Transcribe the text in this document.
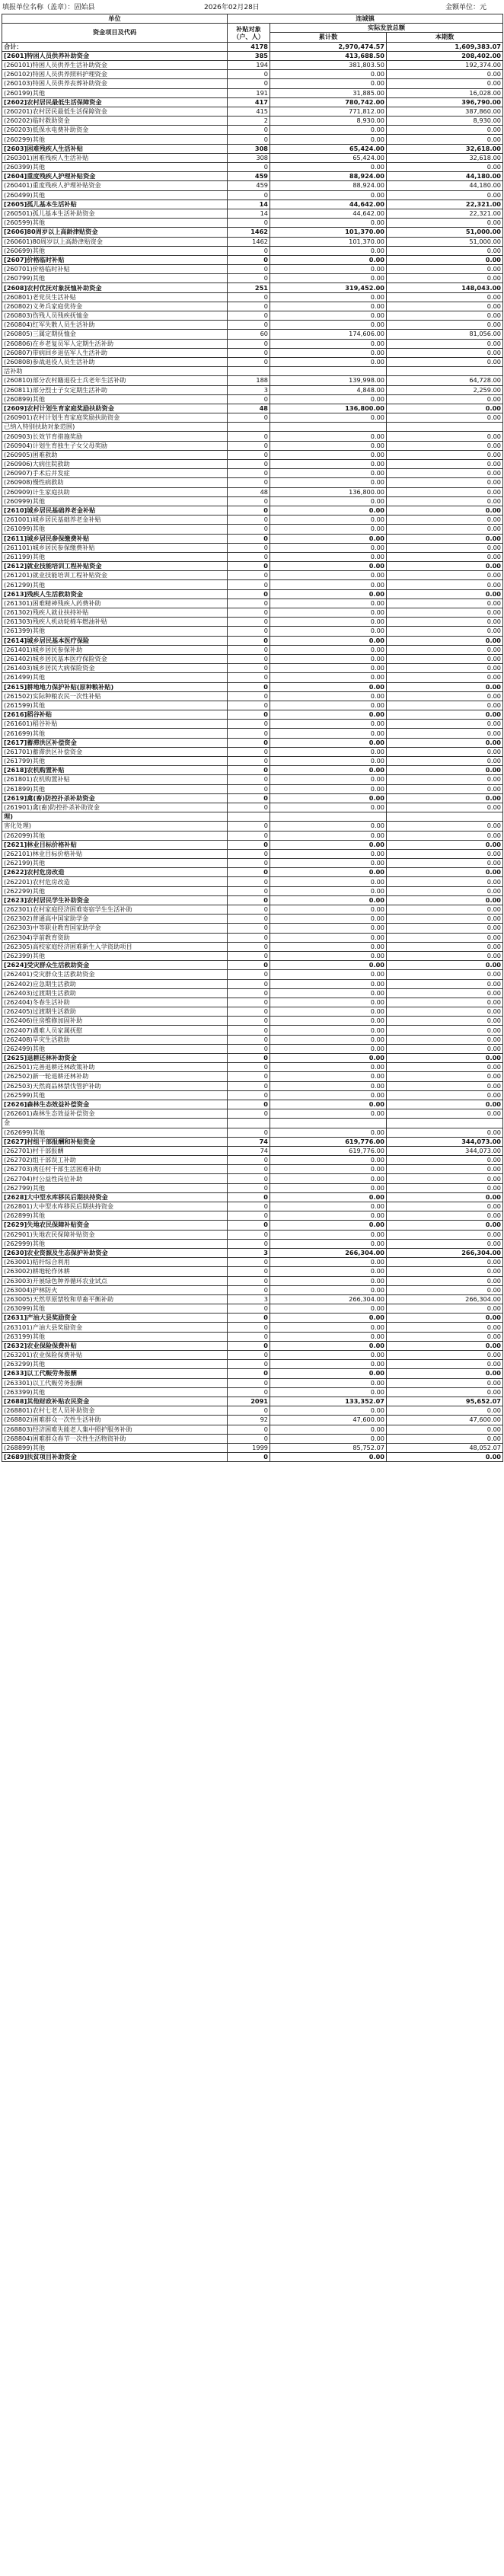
填报单位名称（盖章）：固始县	2026年02月28日	金额单位：元
单位	连城镇		
资金项目及代码	补贴对象（户、人）	实际发放总额	
		累计数	本期数
合计：	4178	2,970,474.57	1,609,383.07
[2601]特困人员供养补助资金	385	413,688.50	208,402.00
(260101)特困人员供养生活补助资金	194	381,803.50	192,374.00
(260102)特困人员供养照料护理资金	0	0.00	0.00
(260103)特困人员供养丧葬补助资金	0	0.00	0.00
(260199)其他	191	31,885.00	16,028.00
[2602]农村居民最低生活保障资金	417	780,742.00	396,790.00
(260201)农村居民最低生活保障资金	415	771,812.00	387,860.00
(260202)临时救助资金	2	8,930.00	8,930.00
(260203)低保水电费补助资金	0	0.00	0.00
(260299)其他	0	0.00	0.00
[2603]困难残疾人生活补贴	308	65,424.00	32,618.00
(260301)困难残疾人生活补贴	308	65,424.00	32,618.00
(260399)其他	0	0.00	0.00
[2604]重度残疾人护理补贴资金	459	88,924.00	44,180.00
(260401)重度残疾人护理补贴资金	459	88,924.00	44,180.00
(260499)其他	0	0.00	0.00
[2605]孤儿基本生活补贴	14	44,642.00	22,321.00
(260501)孤儿基本生活补助资金	14	44,642.00	22,321.00
(260599)其他	0	0.00	0.00
[2606]80周岁以上高龄津贴资金	1462	101,370.00	51,000.00
(260601)80周岁以上高龄津贴资金	1462	101,370.00	51,000.00
(260699)其他	0	0.00	0.00
[2607]价格临时补贴	0	0.00	0.00
(260701)价格临时补贴	0	0.00	0.00
(260799)其他	0	0.00	0.00
[2608]农村优抚对象抚恤补助资金	251	319,452.00	148,043.00
(260801)老党员生活补贴	0	0.00	0.00
(260802)义务兵家庭优待金	0	0.00	0.00
(260803)伤残人员残疾抚恤金	0	0.00	0.00
(260804)红军失散人员生活补助	0	0.00	0.00
(260805)三属定期抚恤金	60	174,606.00	81,056.00
(260806)在乡老复员军人定期生活补助	0	0.00	0.00
(260807)带病回乡退伍军人生活补助	0	0.00	0.00
(260808)参战退役人员生活补助	0	0.00	0.00
活补助			
(260810)部分农村籍退役士兵老年生活补助	188	139,998.00	64,728.00
(260811)部分烈士子女定期生活补助	3	4,848.00	2,259.00
(260899)其他	0	0.00	0.00
[2609]农村计划生育家庭奖励扶助资金	48	136,800.00	0.00
(260901)农村计划生育家庭奖励扶助资金	0	0.00	0.00
已纳入特别扶助对象范围)			
(260903)长效节育措施奖励	0	0.00	0.00
(260904)计划生育独生子女父母奖励	0	0.00	0.00
(260905)困难救助	0	0.00	0.00
(260906)大病住院救助	0	0.00	0.00
(260907)手术后并发症	0	0.00	0.00
(260908)慢性病救助	0	0.00	0.00
(260909)计生家庭扶助	48	136,800.00	0.00
(260999)其他	0	0.00	0.00
[2610]城乡居民基础养老金补贴	0	0.00	0.00
(261001)城乡居民基础养老金补贴	0	0.00	0.00
(261099)其他	0	0.00	0.00
[2611]城乡居民参保缴费补贴	0	0.00	0.00
(261101)城乡居民参保缴费补贴	0	0.00	0.00
(261199)其他	0	0.00	0.00
[2612]就业技能培训工程补贴资金	0	0.00	0.00
(261201)就业技能培训工程补贴资金	0	0.00	0.00
(261299)其他	0	0.00	0.00
[2613]残疾人生活救助资金	0	0.00	0.00
(261301)困难精神残疾人药费补助	0	0.00	0.00
(261302)残疾人就业扶持补贴	0	0.00	0.00
(261303)残疾人机动轮椅车燃油补贴	0	0.00	0.00
(261399)其他	0	0.00	0.00
[2614]城乡居民基本医疗保险	0	0.00	0.00
(261401)城乡居民参保补助	0	0.00	0.00
(261402)城乡居民基本医疗保险资金	0	0.00	0.00
(261403)城乡居民大病保险资金	0	0.00	0.00
(261499)其他	0	0.00	0.00
[2615]耕地地力保护补贴(原种粮补贴)	0	0.00	0.00
(261502)实际种粮农民一次性补贴	0	0.00	0.00
(261599)其他	0	0.00	0.00
[2616]稻谷补贴	0	0.00	0.00
(261601)稻谷补贴	0	0.00	0.00
(261699)其他	0	0.00	0.00
[2617]蓄滞洪区补偿资金	0	0.00	0.00
(261701)蓄滞洪区补偿资金	0	0.00	0.00
(261799)其他	0	0.00	0.00
[2618]农机购置补贴	0	0.00	0.00
(261801)农机购置补贴	0	0.00	0.00
(261899)其他	0	0.00	0.00
[2619]禽(畜)防控扑杀补助资金	0	0.00	0.00
(261901)禽(畜)防控扑杀补助资金	0	0.00	0.00
理)			
害化处理)	0	0.00	0.00
(262099)其他	0	0.00	0.00
[2621]林业目标价格补贴	0	0.00	0.00
(262101)林业目标价格补贴	0	0.00	0.00
(262199)其他	0	0.00	0.00
[2622]农村危房改造	0	0.00	0.00
(262201)农村危房改造	0	0.00	0.00
(262299)其他	0	0.00	0.00
[2623]农村居民学生补助资金	0	0.00	0.00
(262301)农村家庭经济困难寄宿学生生活补助	0	0.00	0.00
(262302)普通高中国家助学金	0	0.00	0.00
(262303)中等职业教育国家助学金	0	0.00	0.00
(262304)学前教育资助	0	0.00	0.00
(262305)高校家庭经济困难新生入学资助项目	0	0.00	0.00
(262399)其他	0	0.00	0.00
[2624]受灾群众生活救助资金	0	0.00	0.00
(262401)受灾群众生活救助资金	0	0.00	0.00
(262402)应急期生活救助	0	0.00	0.00
(262403)过渡期生活救助	0	0.00	0.00
(262404)冬春生活补助	0	0.00	0.00
(262405)过渡期生活救助	0	0.00	0.00
(262406)住房维修加固补助	0	0.00	0.00
(262407)遇难人员家属抚慰	0	0.00	0.00
(262408)旱灾生活救助	0	0.00	0.00
(262499)其他	0	0.00	0.00
[2625]退耕还林补助资金	0	0.00	0.00
(262501)完善退耕还林政策补助	0	0.00	0.00
(262502)新一轮退耕还林补助	0	0.00	0.00
(262503)天然商品林禁伐管护补助	0	0.00	0.00
(262599)其他	0	0.00	0.00
[2626]森林生态效益补偿资金	0	0.00	0.00
(262601)森林生态效益补偿资金	0	0.00	0.00
金			
(262699)其他	0	0.00	0.00
[2627]村组干部报酬和补贴资金	74	619,776.00	344,073.00
(262701)村干部报酬	74	619,776.00	344,073.00
(262702)组干部误工补助	0	0.00	0.00
(262703)离任村干部生活困难补助	0	0.00	0.00
(262704)村公益性岗位补助	0	0.00	0.00
(262799)其他	0	0.00	0.00
[2628]大中型水库移民后期扶持资金	0	0.00	0.00
(262801)大中型水库移民后期扶持资金	0	0.00	0.00
(262899)其他	0	0.00	0.00
[2629]失地农民保障补贴资金	0	0.00	0.00
(262901)失地农民保障补贴资金	0	0.00	0.00
(262999)其他	0	0.00	0.00
[2630]农业资源及生态保护补助资金	3	266,304.00	266,304.00
(263001)秸秆综合利用	0	0.00	0.00
(263002)耕地轮作休耕	0	0.00	0.00
(263003)开展绿色种养循环农业试点	0	0.00	0.00
(263004)护林防火	0	0.00	0.00
(263005)天然草原禁牧和草畜平衡补助	3	266,304.00	266,304.00
(263099)其他	0	0.00	0.00
[2631]产油大县奖励资金	0	0.00	0.00
(263101)产油大县奖励资金	0	0.00	0.00
(263199)其他	0	0.00	0.00
[2632]农业保险保费补贴	0	0.00	0.00
(263201)农业保险保费补贴	0	0.00	0.00
(263299)其他	0	0.00	0.00
[2633]以工代赈劳务报酬	0	0.00	0.00
(263301)以工代赈劳务报酬	0	0.00	0.00
(263399)其他	0	0.00	0.00
[2688]其他财政补贴农民资金	2091	133,352.07	95,652.07
(268801)农村七老人员补助资金	0	0.00	0.00
(268802)困难群众一次性生活补助	92	47,600.00	47,600.00
(268803)经济困难失能老人集中照护服务补助	0	0.00	0.00
(268804)困难群众春节一次性生活物资补助	0	0.00	0.00
(268899)其他	1999	85,752.07	48,052.07
[2689]扶贫项目补助资金	0	0.00	0.00
